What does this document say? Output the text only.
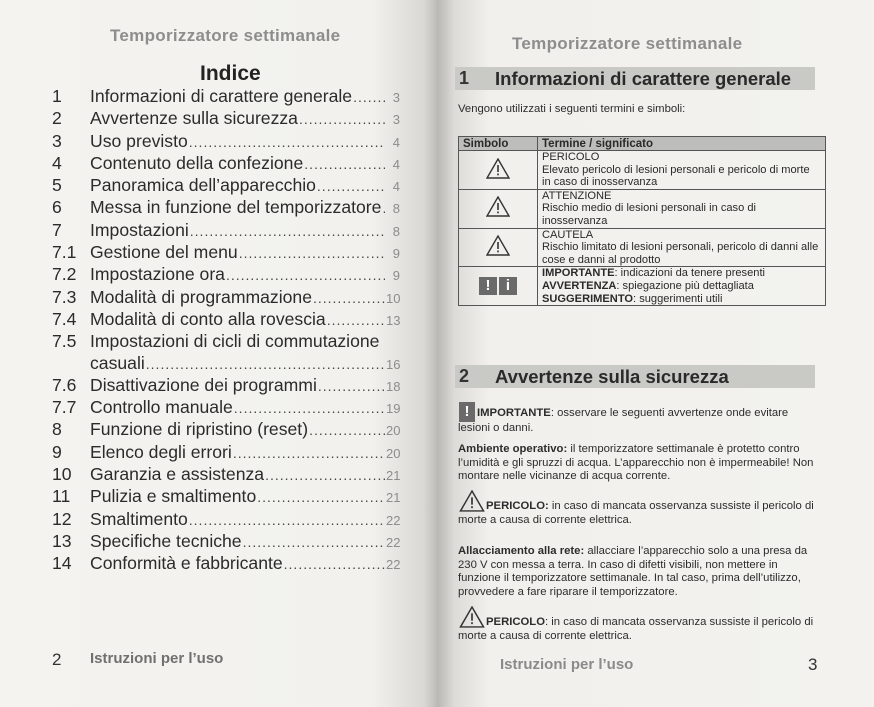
Temporizzatore settimanale
Indice
1	Informazioni di carattere generale .....	3
2	Avvertenze sulla sicurezza .....	3
3	Uso previsto .....	4
4	Contenuto della confezione .....	4
5	Panoramica dell’apparecchio .....	4
6	Messa in funzione del temporizzatore ..... 8
7	Impostazioni .....	8
7.1 Gestione del menu .....	9
7.2 Impostazione ora .....	9
7.3 Modalità di programmazione .....	10
7.4 Modalità di conto alla rovescia .....	13
7.5 Impostazioni di cicli di commutazione
casuali .....	16
7.6 Disattivazione dei programmi .....	18
7.7 Controllo manuale .....	19
8	Funzione di ripristino (reset) .....	20
9	Elenco degli errori .....	20
10	Garanzia e assistenza .....	21
11	Pulizia e smaltimento .....	21
12	Smaltimento .....	22
13	Specifiche tecniche .....	22
14	Conformità e fabbricante .....	22
2 Istruzioni per l’uso
Temporizzatore settimanale
1	Informazioni di carattere generale
Vengono utilizzati i seguenti termini e simboli:
Simbolo	Termine / significato

PERICOLO
Elevato pericolo di lesioni personali e pericolo di morte in caso di inosservanza

ATTENZIONE
Rischio medio di lesioni personali in caso di inosservanza

CAUTELA
Rischio limitato di lesioni personali, pericolo di danni alle cose e danni al prodotto

! i	IMPORTANTE: indicazioni da tenere presenti
AVVERTENZA: spiegazione più dettagliata
SUGGERIMENTO: suggerimenti utili
2	Avvertenze sulla sicurezza
! IMPORTANTE: osservare le seguenti avvertenze onde evitare lesioni o danni.
Ambiente operativo: il temporizzatore settimanale è protetto contro l’umidità e gli spruzzi di acqua. L’apparecchio non è impermeabile! Non montare nelle vicinanze di acqua corrente.
PERICOLO: in caso di mancata osservanza sussiste il pericolo di morte a causa di corrente elettrica.
Allacciamento alla rete: allacciare l’apparecchio solo a una presa da 230 V con messa a terra. In caso di difetti visibili, non mettere in funzione il temporizzatore settimanale. In tal caso, prima dell’utilizzo, provvedere a fare riparare il temporizzatore.
PERICOLO: in caso di mancata osservanza sussiste il pericolo di morte a causa di corrente elettrica.
Istruzioni per l’uso	3
